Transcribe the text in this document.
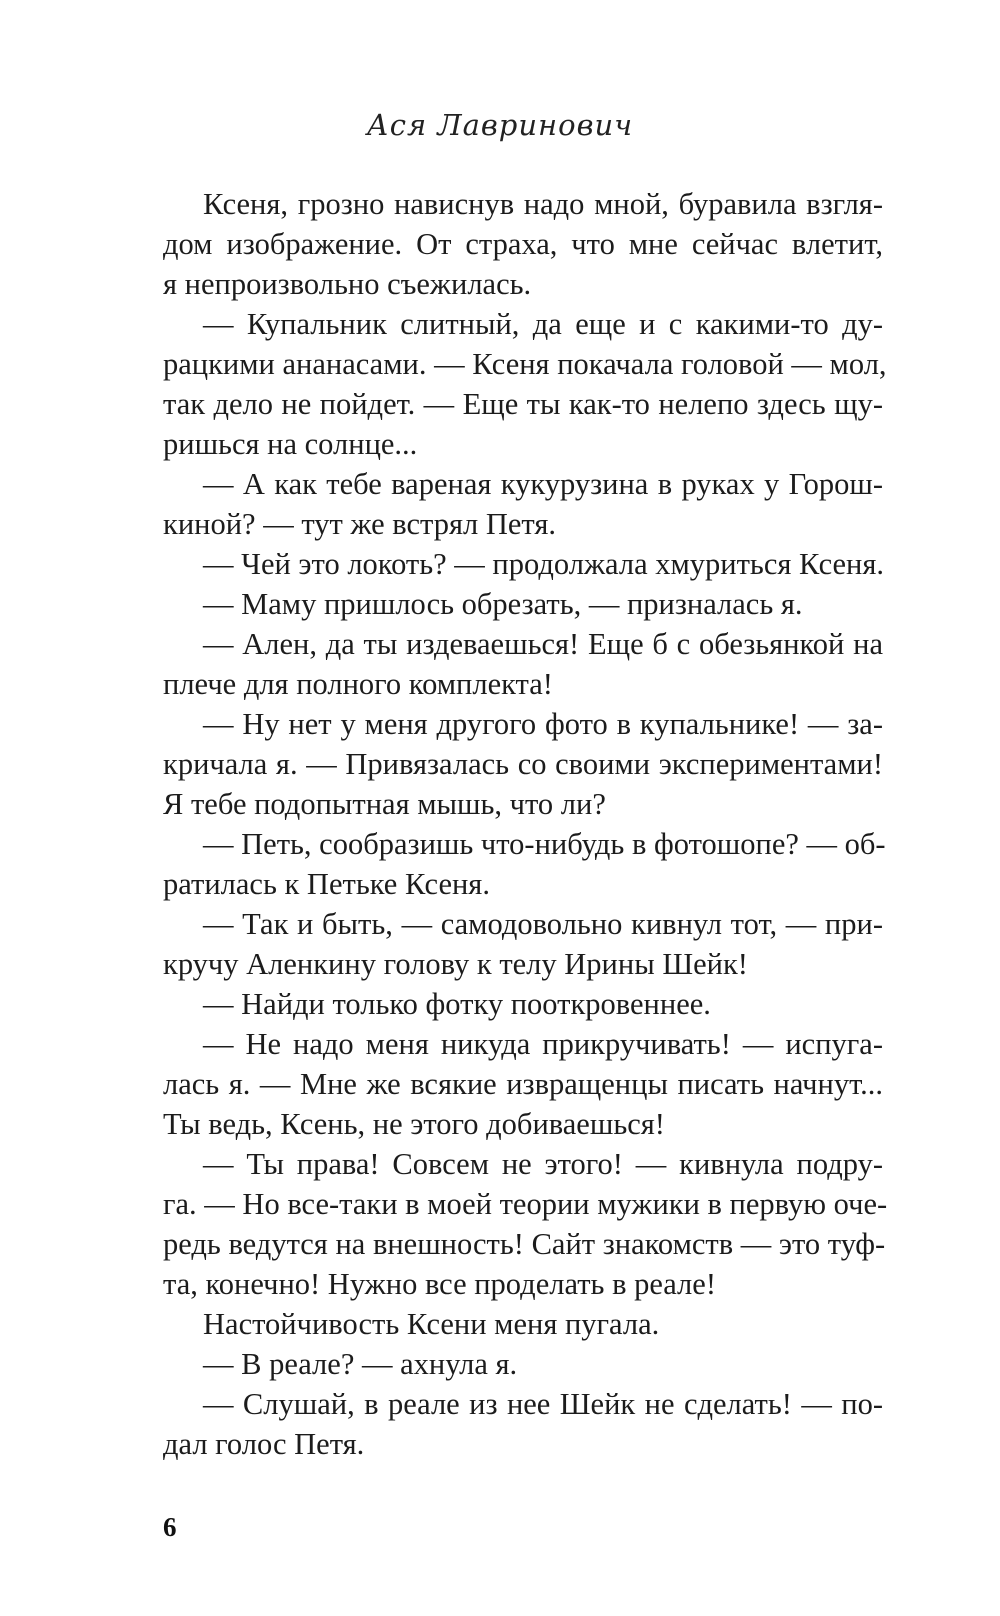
Ася Лавринович
Ксеня, грозно нависнув надо мной, буравила взгля-
дом изображение. От страха, что мне сейчас влетит,
я непроизвольно съежилась.
— Купальник слитный, да еще и с какими-то ду-
рацкими ананасами. — Ксеня покачала головой — мол,
так дело не пойдет. — Еще ты как-то нелепо здесь щу-
ришься на солнце...
— А как тебе вареная кукурузина в руках у Горош-
киной? — тут же встрял Петя.
— Чей это локоть? — продолжала хмуриться Ксеня.
— Маму пришлось обрезать, — призналась я.
— Ален, да ты издеваешься! Еще б с обезьянкой на
плече для полного комплекта!
— Ну нет у меня другого фото в купальнике! — за-
кричала я. — Привязалась со своими экспериментами!
Я тебе подопытная мышь, что ли?
— Петь, сообразишь что-нибудь в фотошопе? — об-
ратилась к Петьке Ксеня.
— Так и быть, — самодовольно кивнул тот, — при-
кручу Аленкину голову к телу Ирины Шейк!
— Найди только фотку пооткровеннее.
— Не надо меня никуда прикручивать! — испуга-
лась я. — Мне же всякие извращенцы писать начнут...
Ты ведь, Ксень, не этого добиваешься!
— Ты права! Совсем не этого! — кивнула подру-
га. — Но все-таки в моей теории мужики в первую оче-
редь ведутся на внешность! Сайт знакомств — это туф-
та, конечно! Нужно все проделать в реале!
Настойчивость Ксени меня пугала.
— В реале? — ахнула я.
— Слушай, в реале из нее Шейк не сделать! — по-
дал голос Петя.
6
